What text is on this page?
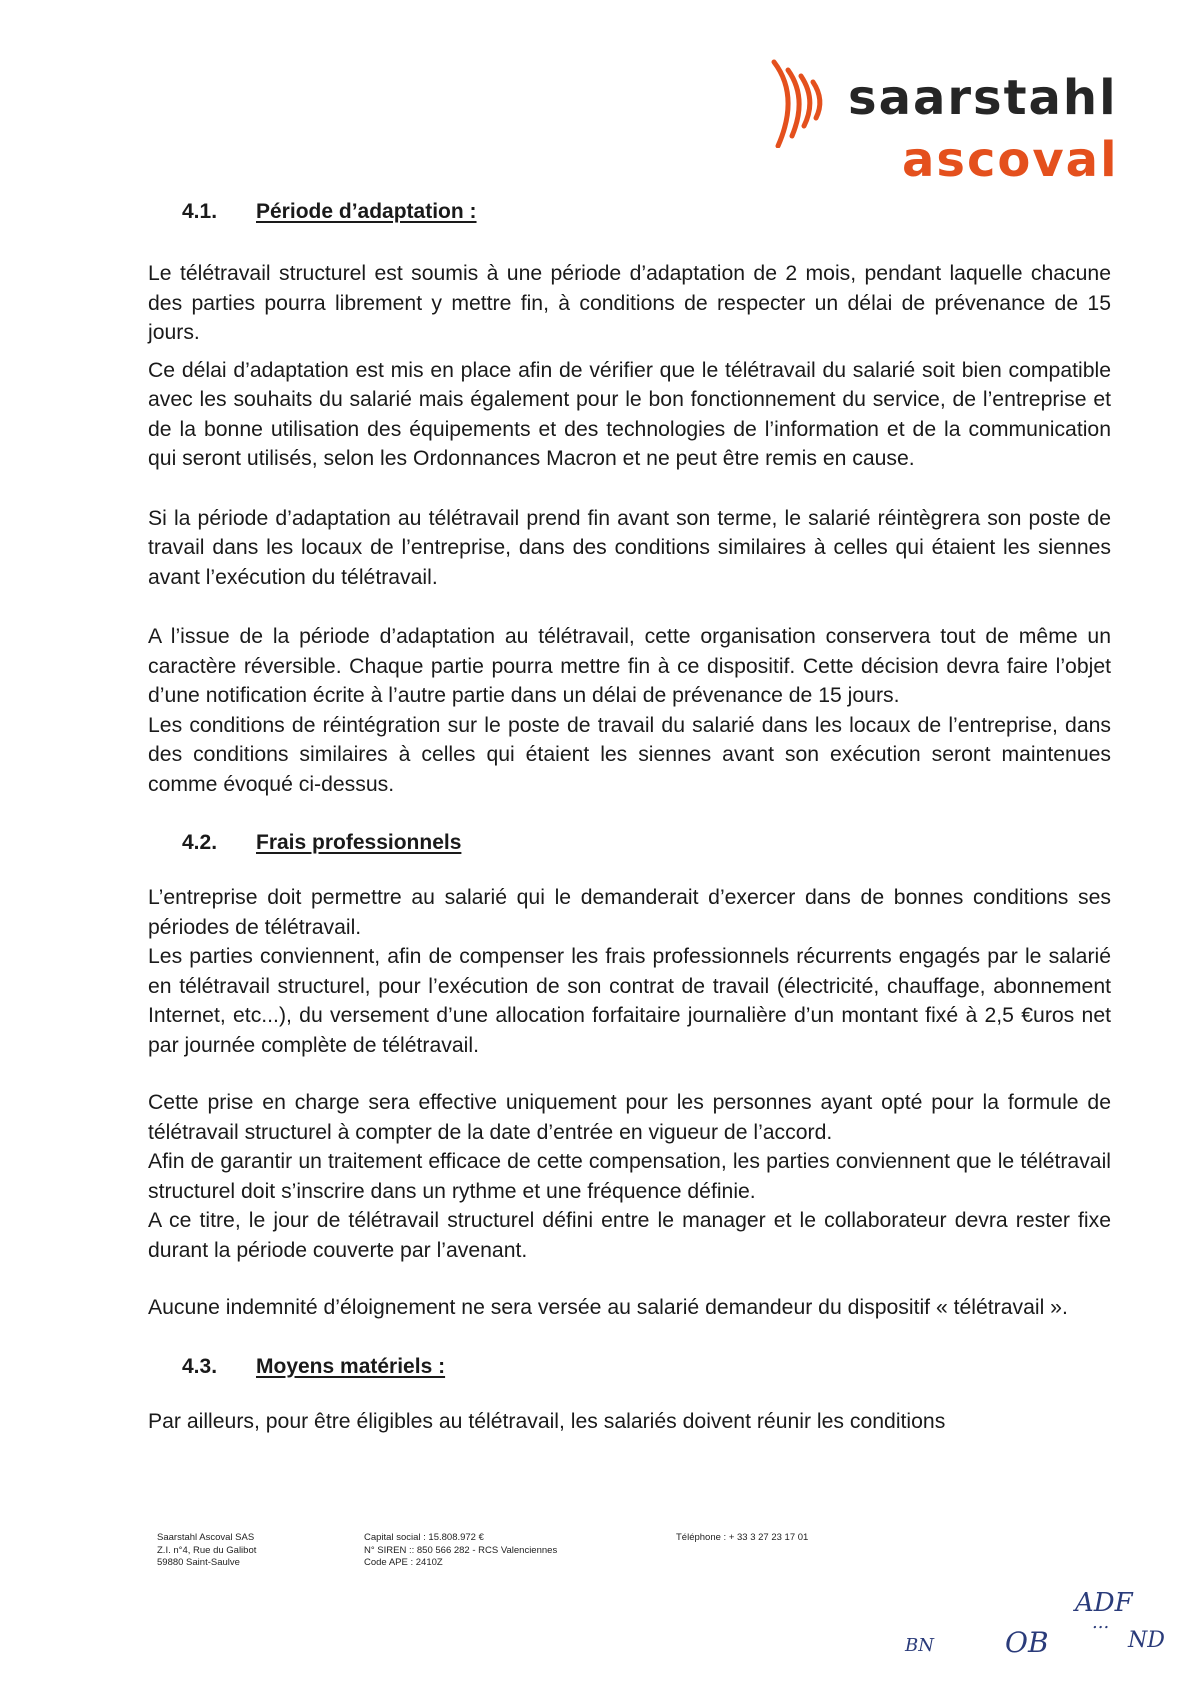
saarstahl
ascoval
4.1.	Période d’adaptation :

Le télétravail structurel est soumis à une période d’adaptation de 2 mois, pendant laquelle chacune des parties pourra librement y mettre fin, à conditions de respecter un délai de prévenance de 15 jours.

Ce délai d’adaptation est mis en place afin de vérifier que le télétravail du salarié soit bien compatible avec les souhaits du salarié mais également pour le bon fonctionnement du service, de l’entreprise et de la bonne utilisation des équipements et des technologies de l’information et de la communication qui seront utilisés, selon les Ordonnances Macron et ne peut être remis en cause.

Si la période d’adaptation au télétravail prend fin avant son terme, le salarié réintègrera son poste de travail dans les locaux de l’entreprise, dans des conditions similaires à celles qui étaient les siennes avant l’exécution du télétravail.

A l’issue de la période d’adaptation au télétravail, cette organisation conservera tout de même un caractère réversible. Chaque partie pourra mettre fin à ce dispositif. Cette décision devra faire l’objet d’une notification écrite à l’autre partie dans un délai de prévenance de 15 jours.

Les conditions de réintégration sur le poste de travail du salarié dans les locaux de l’entreprise, dans des conditions similaires à celles qui étaient les siennes avant son exécution seront maintenues comme évoqué ci-dessus.

4.2.	Frais professionnels

L’entreprise doit permettre au salarié qui le demanderait d’exercer dans de bonnes conditions ses périodes de télétravail.

Les parties conviennent, afin de compenser les frais professionnels récurrents engagés par le salarié en télétravail structurel, pour l’exécution de son contrat de travail (électricité, chauffage, abonnement Internet, etc...), du versement d’une allocation forfaitaire journalière d’un montant fixé à 2,5 €uros net par journée complète de télétravail.

Cette prise en charge sera effective uniquement pour les personnes ayant opté pour la formule de télétravail structurel à compter de la date d’entrée en vigueur de l’accord.

Afin de garantir un traitement efficace de cette compensation, les parties conviennent que le télétravail structurel doit s’inscrire dans un rythme et une fréquence définie.

A ce titre, le jour de télétravail structurel défini entre le manager et le collaborateur devra rester fixe durant la période couverte par l’avenant.

Aucune indemnité d’éloignement ne sera versée au salarié demandeur du dispositif « télétravail ».

4.3.	Moyens matériels :

Par ailleurs, pour être éligibles au télétravail, les salariés doivent réunir les conditions

Saarstahl Ascoval SAS
Z.I. n°4, Rue du Galibot
59880 Saint-Saulve
Capital social : 15.808.972 €
N° SIREN :: 850 566 282 - RCS Valenciennes
Code APE : 2410Z
Téléphone : + 33 3 27 23 17 01
ADF
BN	OB
...
ND
